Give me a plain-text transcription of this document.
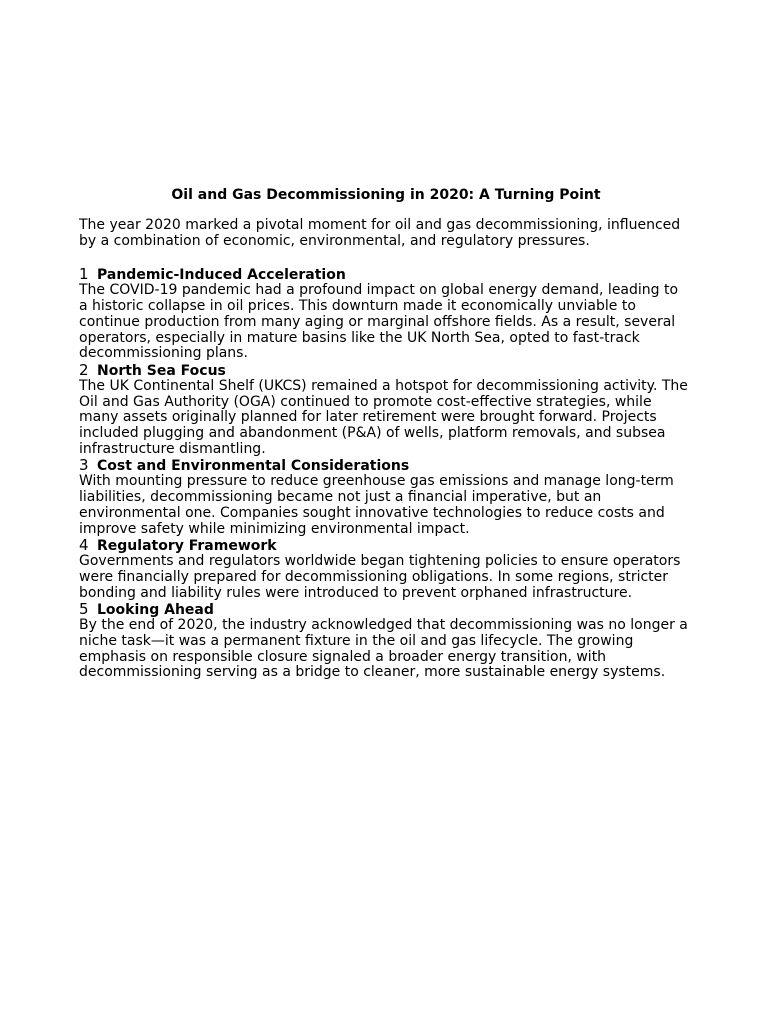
Oil and Gas Decommissioning in 2020: A Turning Point

The year 2020 marked a pivotal moment for oil and gas decommissioning, influenced by a combination of economic, environmental, and regulatory pressures.

1 Pandemic-Induced Acceleration

The COVID-19 pandemic had a profound impact on global energy demand, leading to a historic collapse in oil prices. This downturn made it economically unviable to continue production from many aging or marginal offshore fields. As a result, several operators, especially in mature basins like the UK North Sea, opted to fast-track decommissioning plans.

2 North Sea Focus

The UK Continental Shelf (UKCS) remained a hotspot for decommissioning activity. The Oil and Gas Authority (OGA) continued to promote cost-effective strategies, while many assets originally planned for later retirement were brought forward. Projects included plugging and abandonment (P&A) of wells, platform removals, and subsea infrastructure dismantling.

3 Cost and Environmental Considerations

With mounting pressure to reduce greenhouse gas emissions and manage long-term liabilities, decommissioning became not just a financial imperative, but an environmental one. Companies sought innovative technologies to reduce costs and improve safety while minimizing environmental impact.

4 Regulatory Framework

Governments and regulators worldwide began tightening policies to ensure operators were financially prepared for decommissioning obligations. In some regions, stricter bonding and liability rules were introduced to prevent orphaned infrastructure.

5 Looking Ahead

By the end of 2020, the industry acknowledged that decommissioning was no longer a niche task—it was a permanent fixture in the oil and gas lifecycle. The growing emphasis on responsible closure signaled a broader energy transition, with decommissioning serving as a bridge to cleaner, more sustainable energy systems.
